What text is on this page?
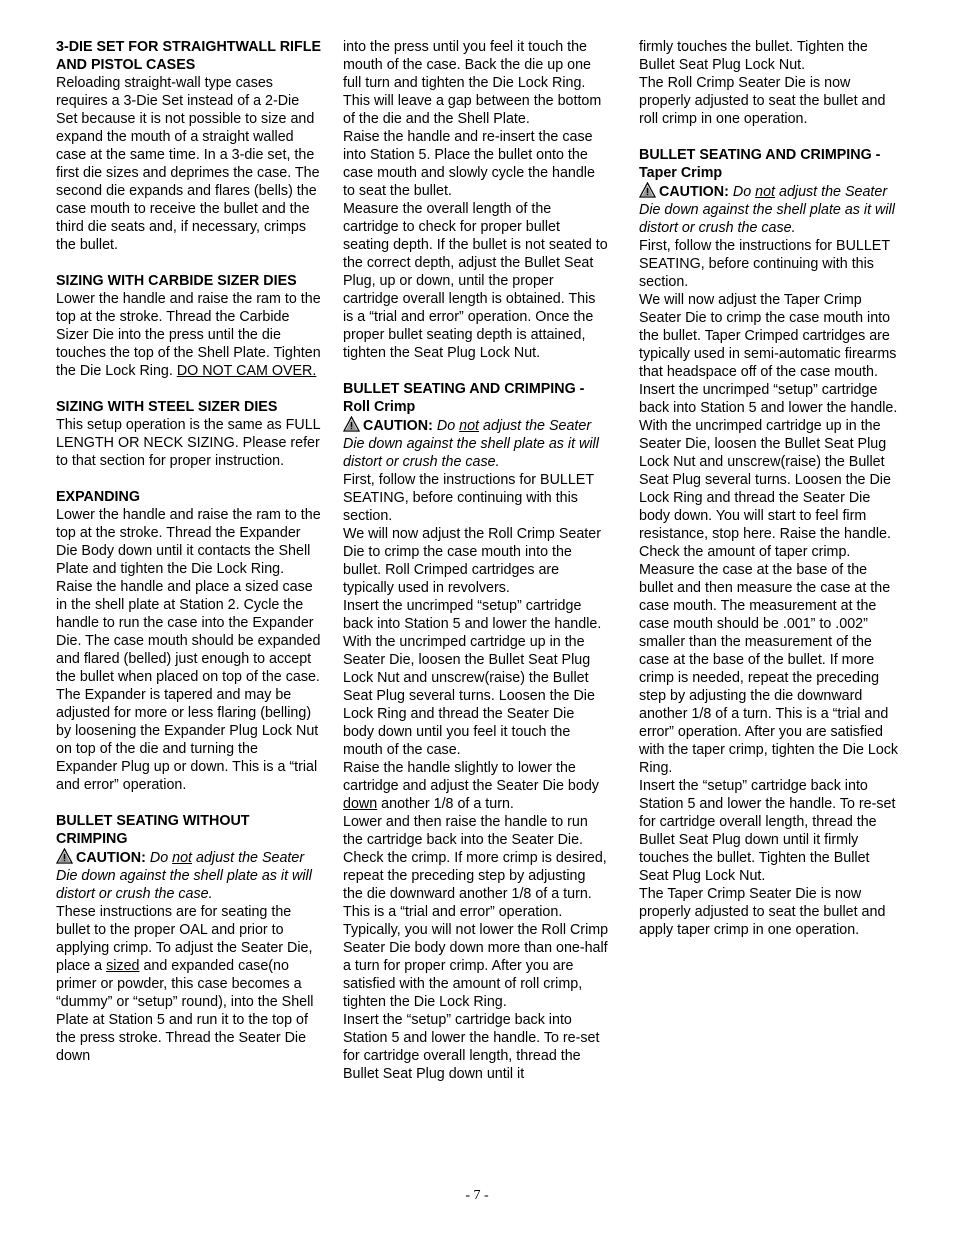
3-DIE SET FOR STRAIGHTWALL RIFLE AND PISTOL CASES

Reloading straight-wall type cases requires a 3-Die Set instead of a 2-Die Set because it is not possible to size and expand the mouth of a straight walled case at the same time. In a 3-die set, the first die sizes and deprimes the case. The second die expands and flares (bells) the case mouth to receive the bullet and the third die seats and, if necessary, crimps the bullet.

SIZING WITH CARBIDE SIZER DIES

Lower the handle and raise the ram to the top at the stroke. Thread the Carbide Sizer Die into the press until the die touches the top of the Shell Plate. Tighten the Die Lock Ring. DO NOT CAM OVER.

SIZING WITH STEEL SIZER DIES

This setup operation is the same as FULL LENGTH OR NECK SIZING. Please refer to that section for proper instruction.

EXPANDING

Lower the handle and raise the ram to the top at the stroke. Thread the Expander Die Body down until it contacts the Shell Plate and tighten the Die Lock Ring. Raise the handle and place a sized case in the shell plate at Station 2. Cycle the handle to run the case into the Expander Die. The case mouth should be expanded and flared (belled) just enough to accept the bullet when placed on top of the case. The Expander is tapered and may be adjusted for more or less flaring (belling) by loosening the Expander Plug Lock Nut on top of the die and turning the Expander Plug up or down. This is a “trial and error” operation.

BULLET SEATING WITHOUT CRIMPING

CAUTION: Do not adjust the Seater Die down against the shell plate as it will distort or crush the case.

These instructions are for seating the bullet to the proper OAL and prior to applying crimp. To adjust the Seater Die, place a sized and expanded case(no primer or powder, this case becomes a “dummy” or “setup” round), into the Shell Plate at Station 5 and run it to the top of the press stroke. Thread the Seater Die down

into the press until you feel it touch the mouth of the case. Back the die up one full turn and tighten the Die Lock Ring. This will leave a gap between the bottom of the die and the Shell Plate.

Raise the handle and re-insert the case into Station 5. Place the bullet onto the case mouth and slowly cycle the handle to seat the bullet.

Measure the overall length of the cartridge to check for proper bullet seating depth. If the bullet is not seated to the correct depth, adjust the Bullet Seat Plug, up or down, until the proper cartridge overall length is obtained. This is a “trial and error” operation. Once the proper bullet seating depth is attained, tighten the Seat Plug Lock Nut.

BULLET SEATING AND CRIMPING - Roll Crimp

CAUTION: Do not adjust the Seater Die down against the shell plate as it will distort or crush the case.

First, follow the instructions for BULLET SEATING, before continuing with this section.

We will now adjust the Roll Crimp Seater Die to crimp the case mouth into the bullet. Roll Crimped cartridges are typically used in revolvers.

Insert the uncrimped “setup” cartridge back into Station 5 and lower the handle. With the uncrimped cartridge up in the Seater Die, loosen the Bullet Seat Plug Lock Nut and unscrew(raise) the Bullet Seat Plug several turns. Loosen the Die Lock Ring and thread the Seater Die body down until you feel it touch the mouth of the case.

Raise the handle slightly to lower the cartridge and adjust the Seater Die body down another 1/8 of a turn.

Lower and then raise the handle to run the cartridge back into the Seater Die. Check the crimp. If more crimp is desired, repeat the preceding step by adjusting the die downward another 1/8 of a turn. This is a “trial and error” operation. Typically, you will not lower the Roll Crimp Seater Die body down more than one-half a turn for proper crimp. After you are satisfied with the amount of roll crimp, tighten the Die Lock Ring.

Insert the “setup” cartridge back into Station 5 and lower the handle. To re-set for cartridge overall length, thread the Bullet Seat Plug down until it

firmly touches the bullet. Tighten the Bullet Seat Plug Lock Nut.

The Roll Crimp Seater Die is now properly adjusted to seat the bullet and roll crimp in one operation.

BULLET SEATING AND CRIMPING - Taper Crimp

CAUTION: Do not adjust the Seater Die down against the shell plate as it will distort or crush the case.

First, follow the instructions for BULLET SEATING, before continuing with this section.

We will now adjust the Taper Crimp Seater Die to crimp the case mouth into the bullet. Taper Crimped cartridges are typically used in semi-automatic firearms that headspace off of the case mouth.

Insert the uncrimped “setup” cartridge back into Station 5 and lower the handle. With the uncrimped cartridge up in the Seater Die, loosen the Bullet Seat Plug Lock Nut and unscrew(raise) the Bullet Seat Plug several turns. Loosen the Die Lock Ring and thread the Seater Die body down. You will start to feel firm resistance, stop here. Raise the handle.

Check the amount of taper crimp. Measure the case at the base of the bullet and then measure the case at the case mouth. The measurement at the case mouth should be .001” to .002” smaller than the measurement of the case at the base of the bullet. If more crimp is needed, repeat the preceding step by adjusting the die downward another 1/8 of a turn. This is a “trial and error” operation. After you are satisfied with the taper crimp, tighten the Die Lock Ring.

Insert the “setup” cartridge back into Station 5 and lower the handle. To re-set for cartridge overall length, thread the Bullet Seat Plug down until it firmly touches the bullet. Tighten the Bullet Seat Plug Lock Nut.

The Taper Crimp Seater Die is now properly adjusted to seat the bullet and apply taper crimp in one operation.

- 7 -
